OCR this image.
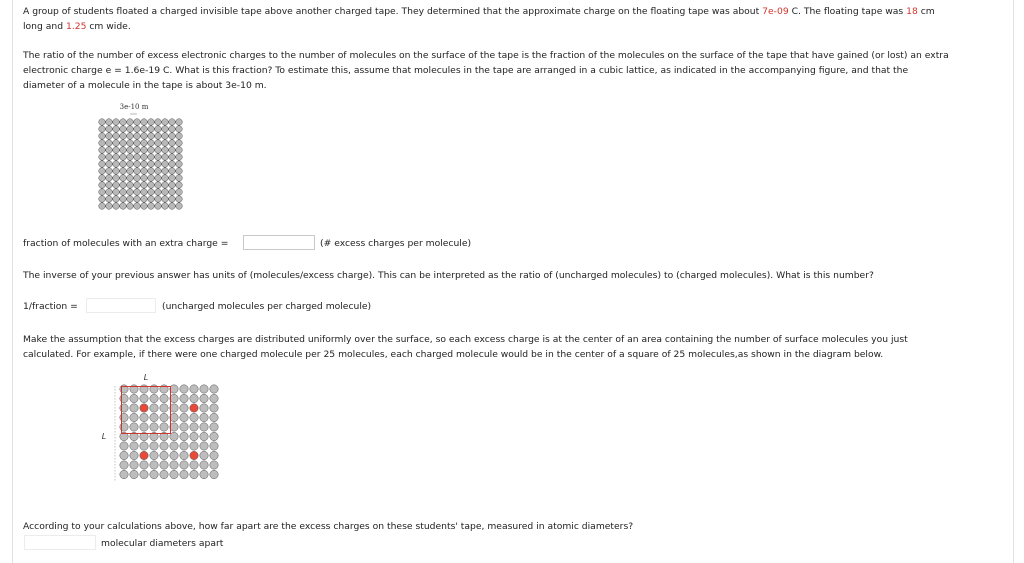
A group of students floated a charged invisible tape above another charged tape. They determined that the approximate charge on the floating tape was about 7e-09 C. The floating tape was 18 cm
long and 1.25 cm wide.

The ratio of the number of excess electronic charges to the number of molecules on the surface of the tape is the fraction of the molecules on the surface of the tape that have gained (or lost) an extra
electronic charge e = 1.6e-19 C. What is this fraction? To estimate this, assume that molecules in the tape are arranged in a cubic lattice, as indicated in the accompanying figure, and that the
diameter of a molecule in the tape is about 3e-10 m.

3e-10 m
fraction of molecules with an extra charge =	(# excess charges per molecule)

The inverse of your previous answer has units of (molecules/excess charge). This can be interpreted as the ratio of (uncharged molecules) to (charged molecules). What is this number?

1/fraction =	(uncharged molecules per charged molecule)

Make the assumption that the excess charges are distributed uniformly over the surface, so each excess charge is at the center of an area containing the number of surface molecules you just
calculated. For example, if there were one charged molecule per 25 molecules, each charged molecule would be in the center of a square of 25 molecules,as shown in the diagram below.

L
L

According to your calculations above, how far apart are the excess charges on these students' tape, measured in atomic diameters?

molecular diameters apart
